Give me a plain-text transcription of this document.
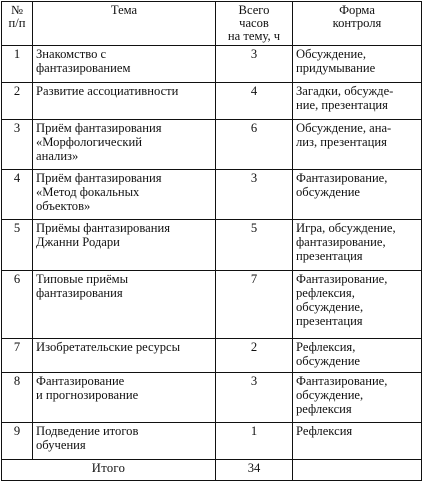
№
п/п	Тема	Всего
часов
на тему, ч	Форма
контроля

1	Знакомство с
фантазированием	3	Обсуждение,
придумывание

2	Развитие ассоциативности	4	Загадки, обсужде-
ние, презентация

3	Приём фантазирования
«Морфологический
анализ»	6	Обсуждение, ана-
лиз, презентация

4	Приём фантазирования
«Метод фокальных
объектов»	3	Фантазирование,
обсуждение

5	Приёмы фантазирования
Джанни Родари	5	Игра, обсуждение,
фантазирование,
презентация

6	Типовые приёмы
фантазирования	7	Фантазирование,
рефлексия,
обсуждение,
презентация

7	Изобретательские ресурсы	2	Рефлексия,
обсуждение

8	Фантазирование
и прогнозирование	3	Фантазирование,
обсуждение,
рефлексия

9	Подведение итогов
обучения	1	Рефлексия

Итого		34	
